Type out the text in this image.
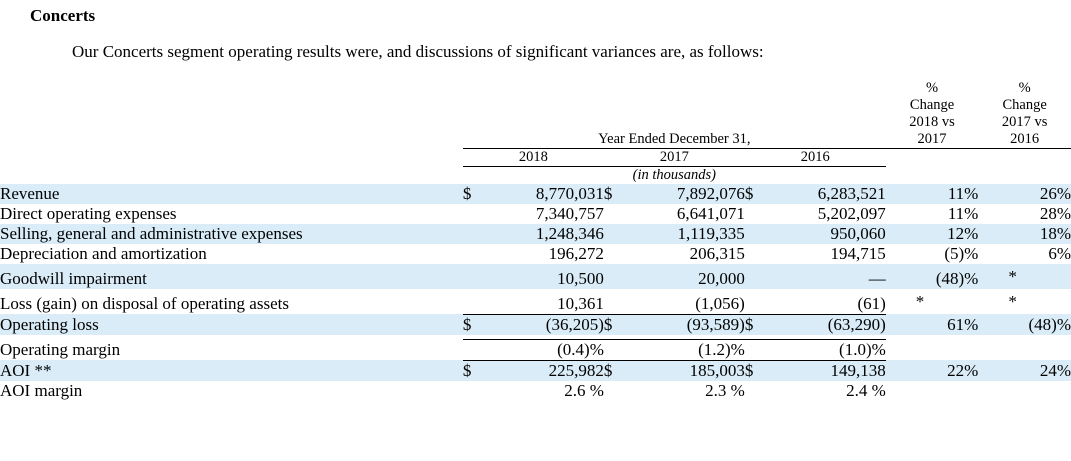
Concerts
Our Concerts segment operating results were, and discussions of significant variances are, as follows:
	Year Ended December 31,	
%
Change
2018 vs
2017

%
Change
2017 vs
2016

	2018		2017		2016			
	(in thousands)							
Revenue	$	8,770,031	$	7,892,076	$	6,283,521	11%	26%
Direct operating expenses		7,340,757		6,641,071		5,202,097	11%	28%
Selling, general and administrative expenses		1,248,346		1,119,335		950,060	12%	18%
Depreciation and amortization		196,272		206,315		194,715	(5)%	6%
Goodwill impairment		10,500		20,000		—	(48)%	*
Loss (gain) on disposal of operating assets		10,361		(1,056)		(61)	*	*
Operating loss	$	(36,205)	$	(93,589)	$	(63,290)	61%	(48)%

Operating margin		(0.4)%		(1.2)%		(1.0)%		
AOI **	$	225,982	$	185,003	$	149,138	22%	24%
AOI margin		2.6 %		2.3 %		2.4 %		
